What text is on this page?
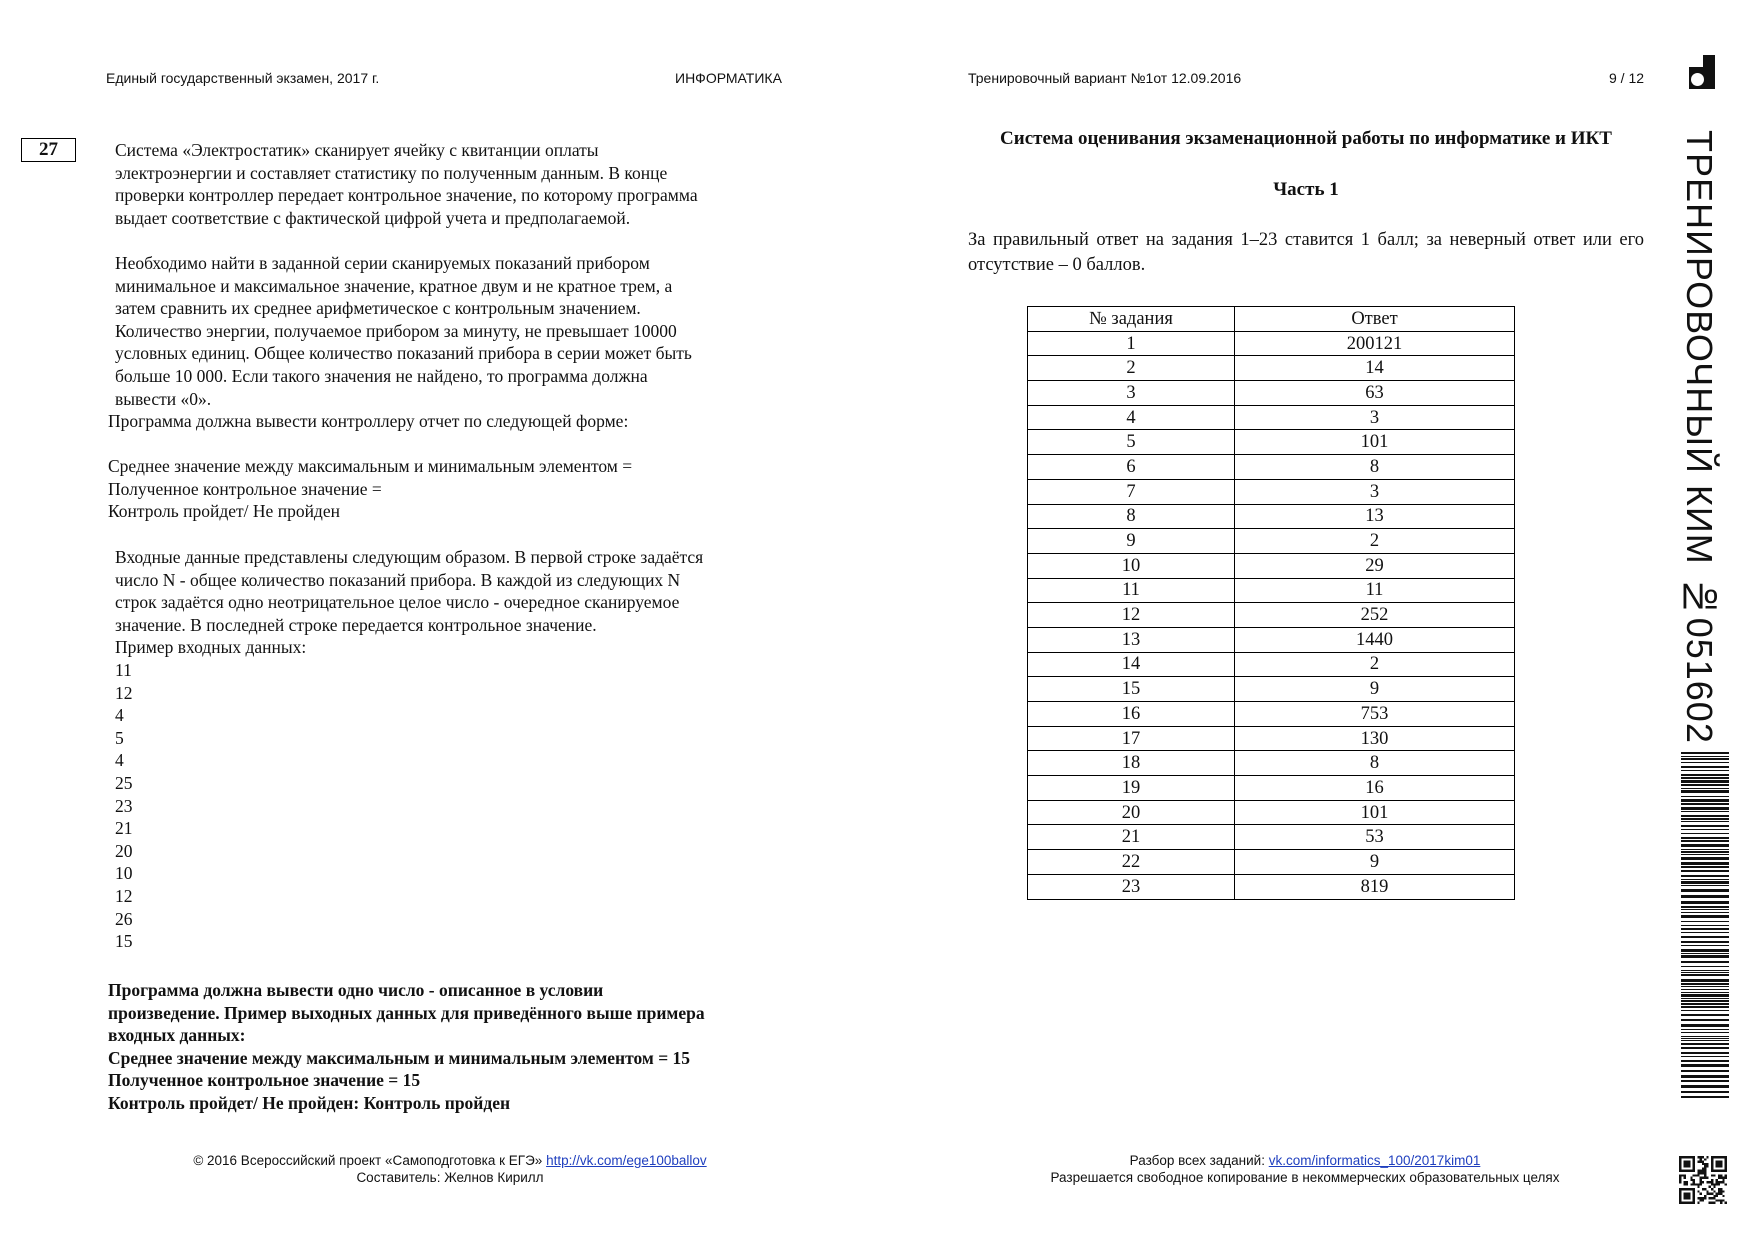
Единый государственный экзамен, 2017 г.	ИНФОРМАТИКА	Тренировочный вариант №1от 12.09.2016	9 / 12
27	Система «Электростатик» сканирует ячейку с квитанции оплаты
электроэнергии и составляет статистику по полученным данным. В конце
проверки контроллер передает контрольное значение, по которому программа
выдает соответствие с фактической цифрой учета и предполагаемой.

Необходимо найти в заданной серии сканируемых показаний прибором
минимальное и максимальное значение, кратное двум и не кратное трем, а
затем сравнить их среднее арифметическое с контрольным значением.
Количество энергии, получаемое прибором за минуту, не превышает 10000
условных единиц. Общее количество показаний прибора в серии может быть
больше 10 000. Если такого значения не найдено, то программа должна
вывести «0».

Программа должна вывести контроллеру отчет по следующей форме:

Среднее значение между максимальным и минимальным элементом =
Полученное контрольное значение =
Контроль пройдет/ Не пройден

Входные данные представлены следующим образом. В первой строке задаётся
число N - общее количество показаний прибора. В каждой из следующих N
строк задаётся одно неотрицательное целое число - очередное сканируемое
значение. В последней строке передается контрольное значение.
Пример входных данных:

11
12
4
5
4
25
23
21
20
10
12
26
15

Программа должна вывести одно число - описанное в условии
произведение. Пример выходных данных для приведённого выше примера
входных данных:
Среднее значение между максимальным и минимальным элементом = 15
Полученное контрольное значение = 15
Контроль пройдет/ Не пройден: Контроль пройден

Система оценивания экзаменационной работы по информатике и ИКТ
Часть 1
За правильный ответ на задания 1–23 ставится 1 балл; за неверный ответ или его отсутствие – 0 баллов.
№ задания	Ответ
1	200121
2	14
3	63
4	3
5	101
6	8
7	3
8	13
9	2
10	29
11	11
12	252
13	1440
14	2
15	9
16	753
17	130
18	8
19	16
20	101
21	53
22	9
23	819
© 2016 Всероссийский проект «Самоподготовка к ЕГЭ» http://vk.com/ege100ballov
Составитель: Желнов Кирилл
Разбор всех заданий: vk.com/informatics_100/2017kim01
Разрешается свободное копирование в некоммерческих образовательных целях
ТРЕНИРОВОЧНЫЙ КИМ №051602
